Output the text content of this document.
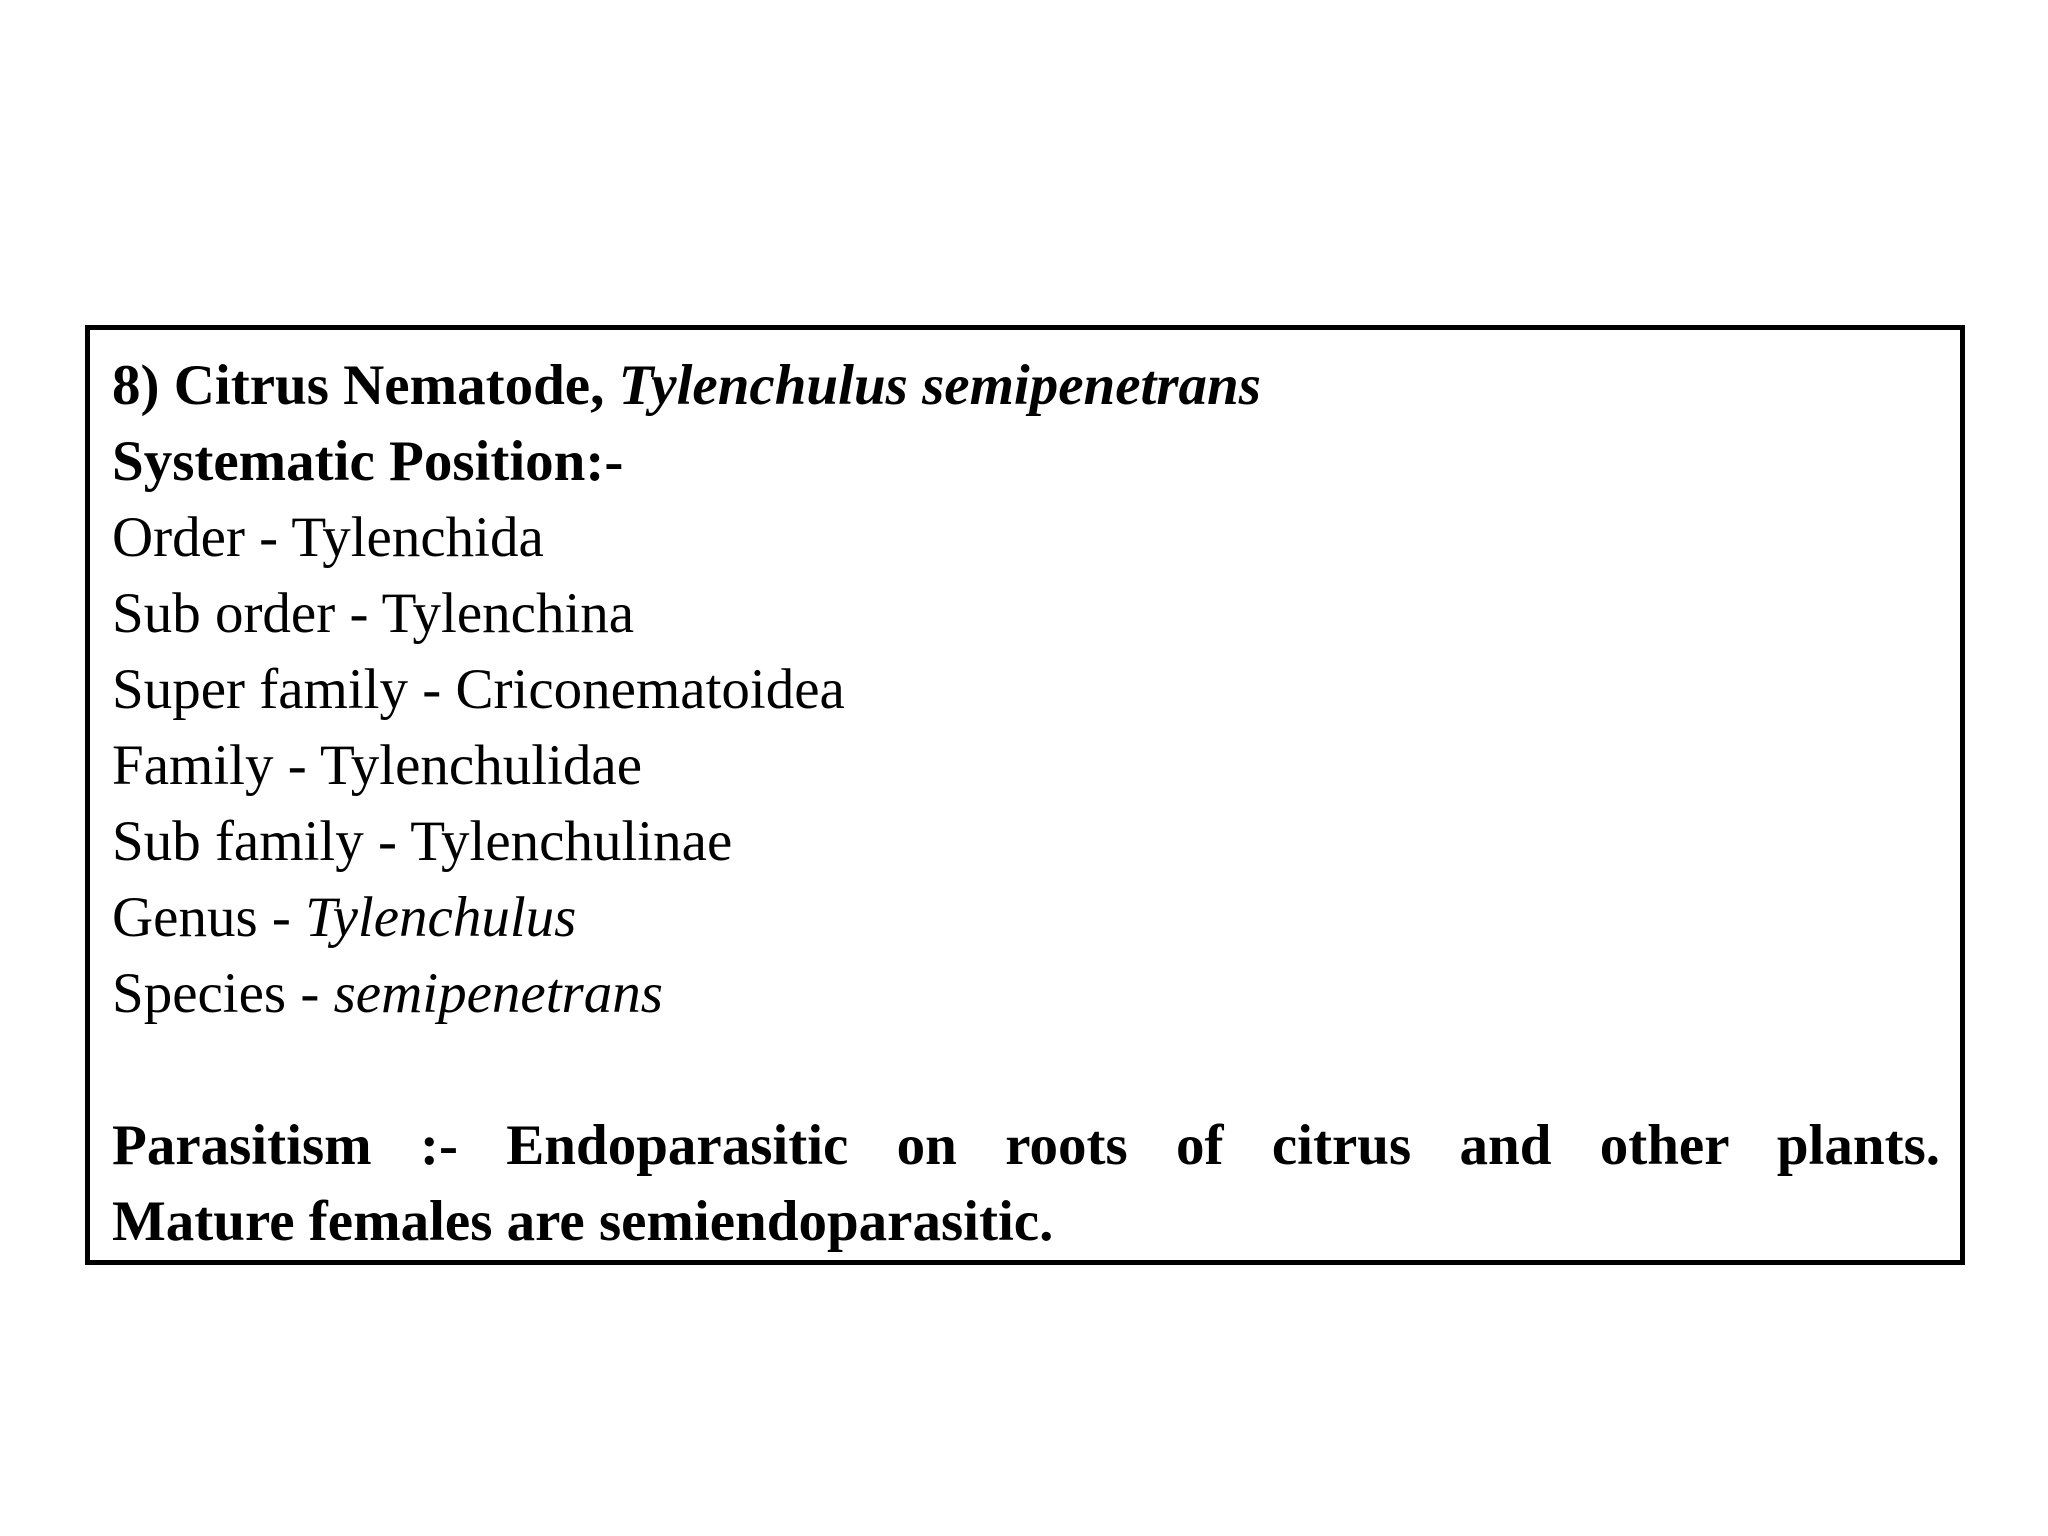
8) Citrus Nematode, Tylenchulus semipenetrans
Systematic Position:-
Order - Tylenchida
Sub order - Tylenchina
Super family - Criconematoidea
Family - Tylenchulidae
Sub family - Tylenchulinae
Genus - Tylenchulus
Species - semipenetrans
Parasitism :- Endoparasitic on roots of citrus and other plants.
Mature females are semiendoparasitic.
